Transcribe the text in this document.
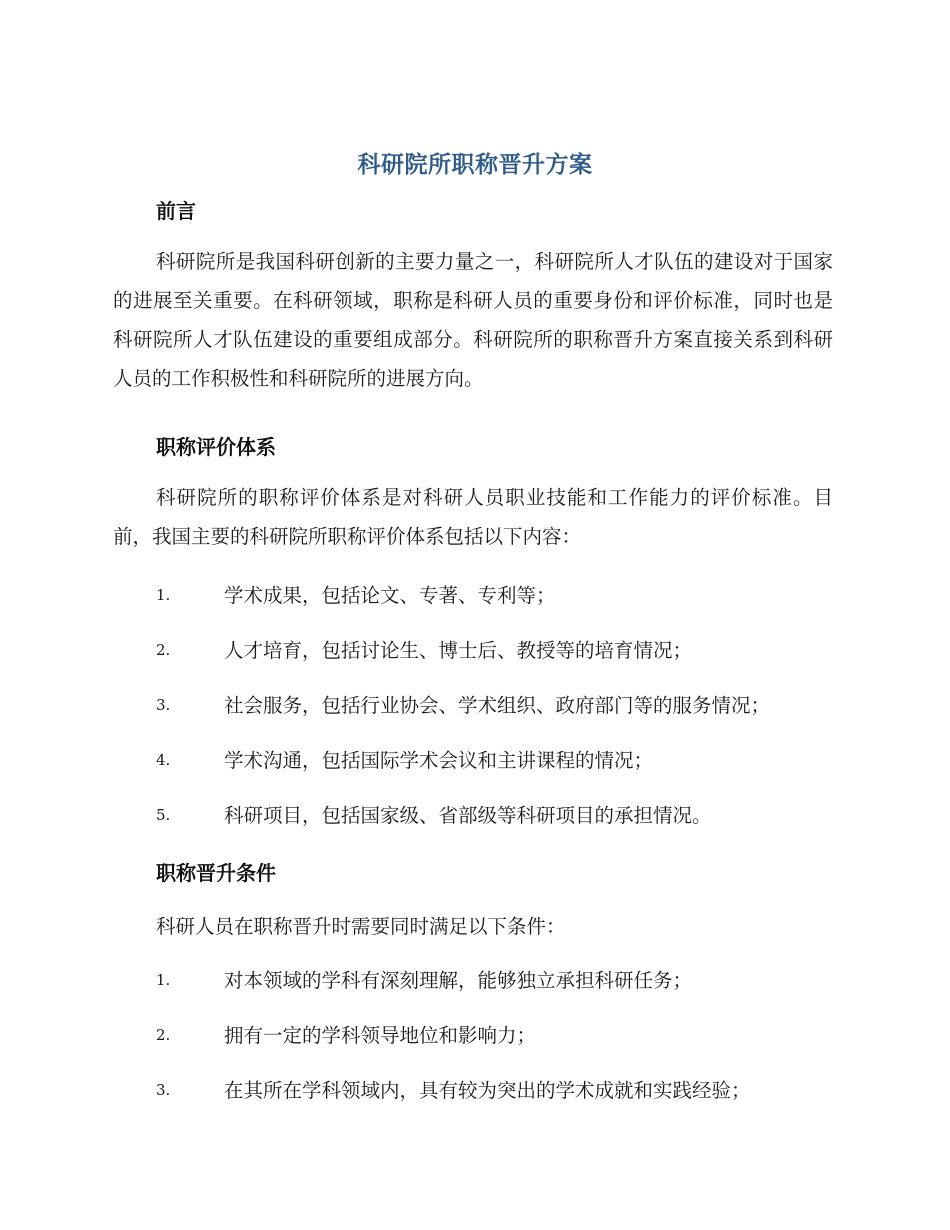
科研院所职称晋升方案
前言
科研院所是我国科研创新的主要力量之一，科研院所人才队伍的建设对于国家的进展至关重要。在科研领域，职称是科研人员的重要身份和评价标准，同时也是科研院所人才队伍建设的重要组成部分。科研院所的职称晋升方案直接关系到科研人员的工作积极性和科研院所的进展方向。
职称评价体系
科研院所的职称评价体系是对科研人员职业技能和工作能力的评价标准。目前，我国主要的科研院所职称评价体系包括以下内容：
1.	学术成果，包括论文、专著、专利等；
2.	人才培育，包括讨论生、博士后、教授等的培育情况；
3.	社会服务，包括行业协会、学术组织、政府部门等的服务情况；
4.	学术沟通，包括国际学术会议和主讲课程的情况；
5.	科研项目，包括国家级、省部级等科研项目的承担情况。
职称晋升条件
科研人员在职称晋升时需要同时满足以下条件：
1.	对本领域的学科有深刻理解，能够独立承担科研任务；
2.	拥有一定的学科领导地位和影响力；
3.	在其所在学科领域内，具有较为突出的学术成就和实践经验；
